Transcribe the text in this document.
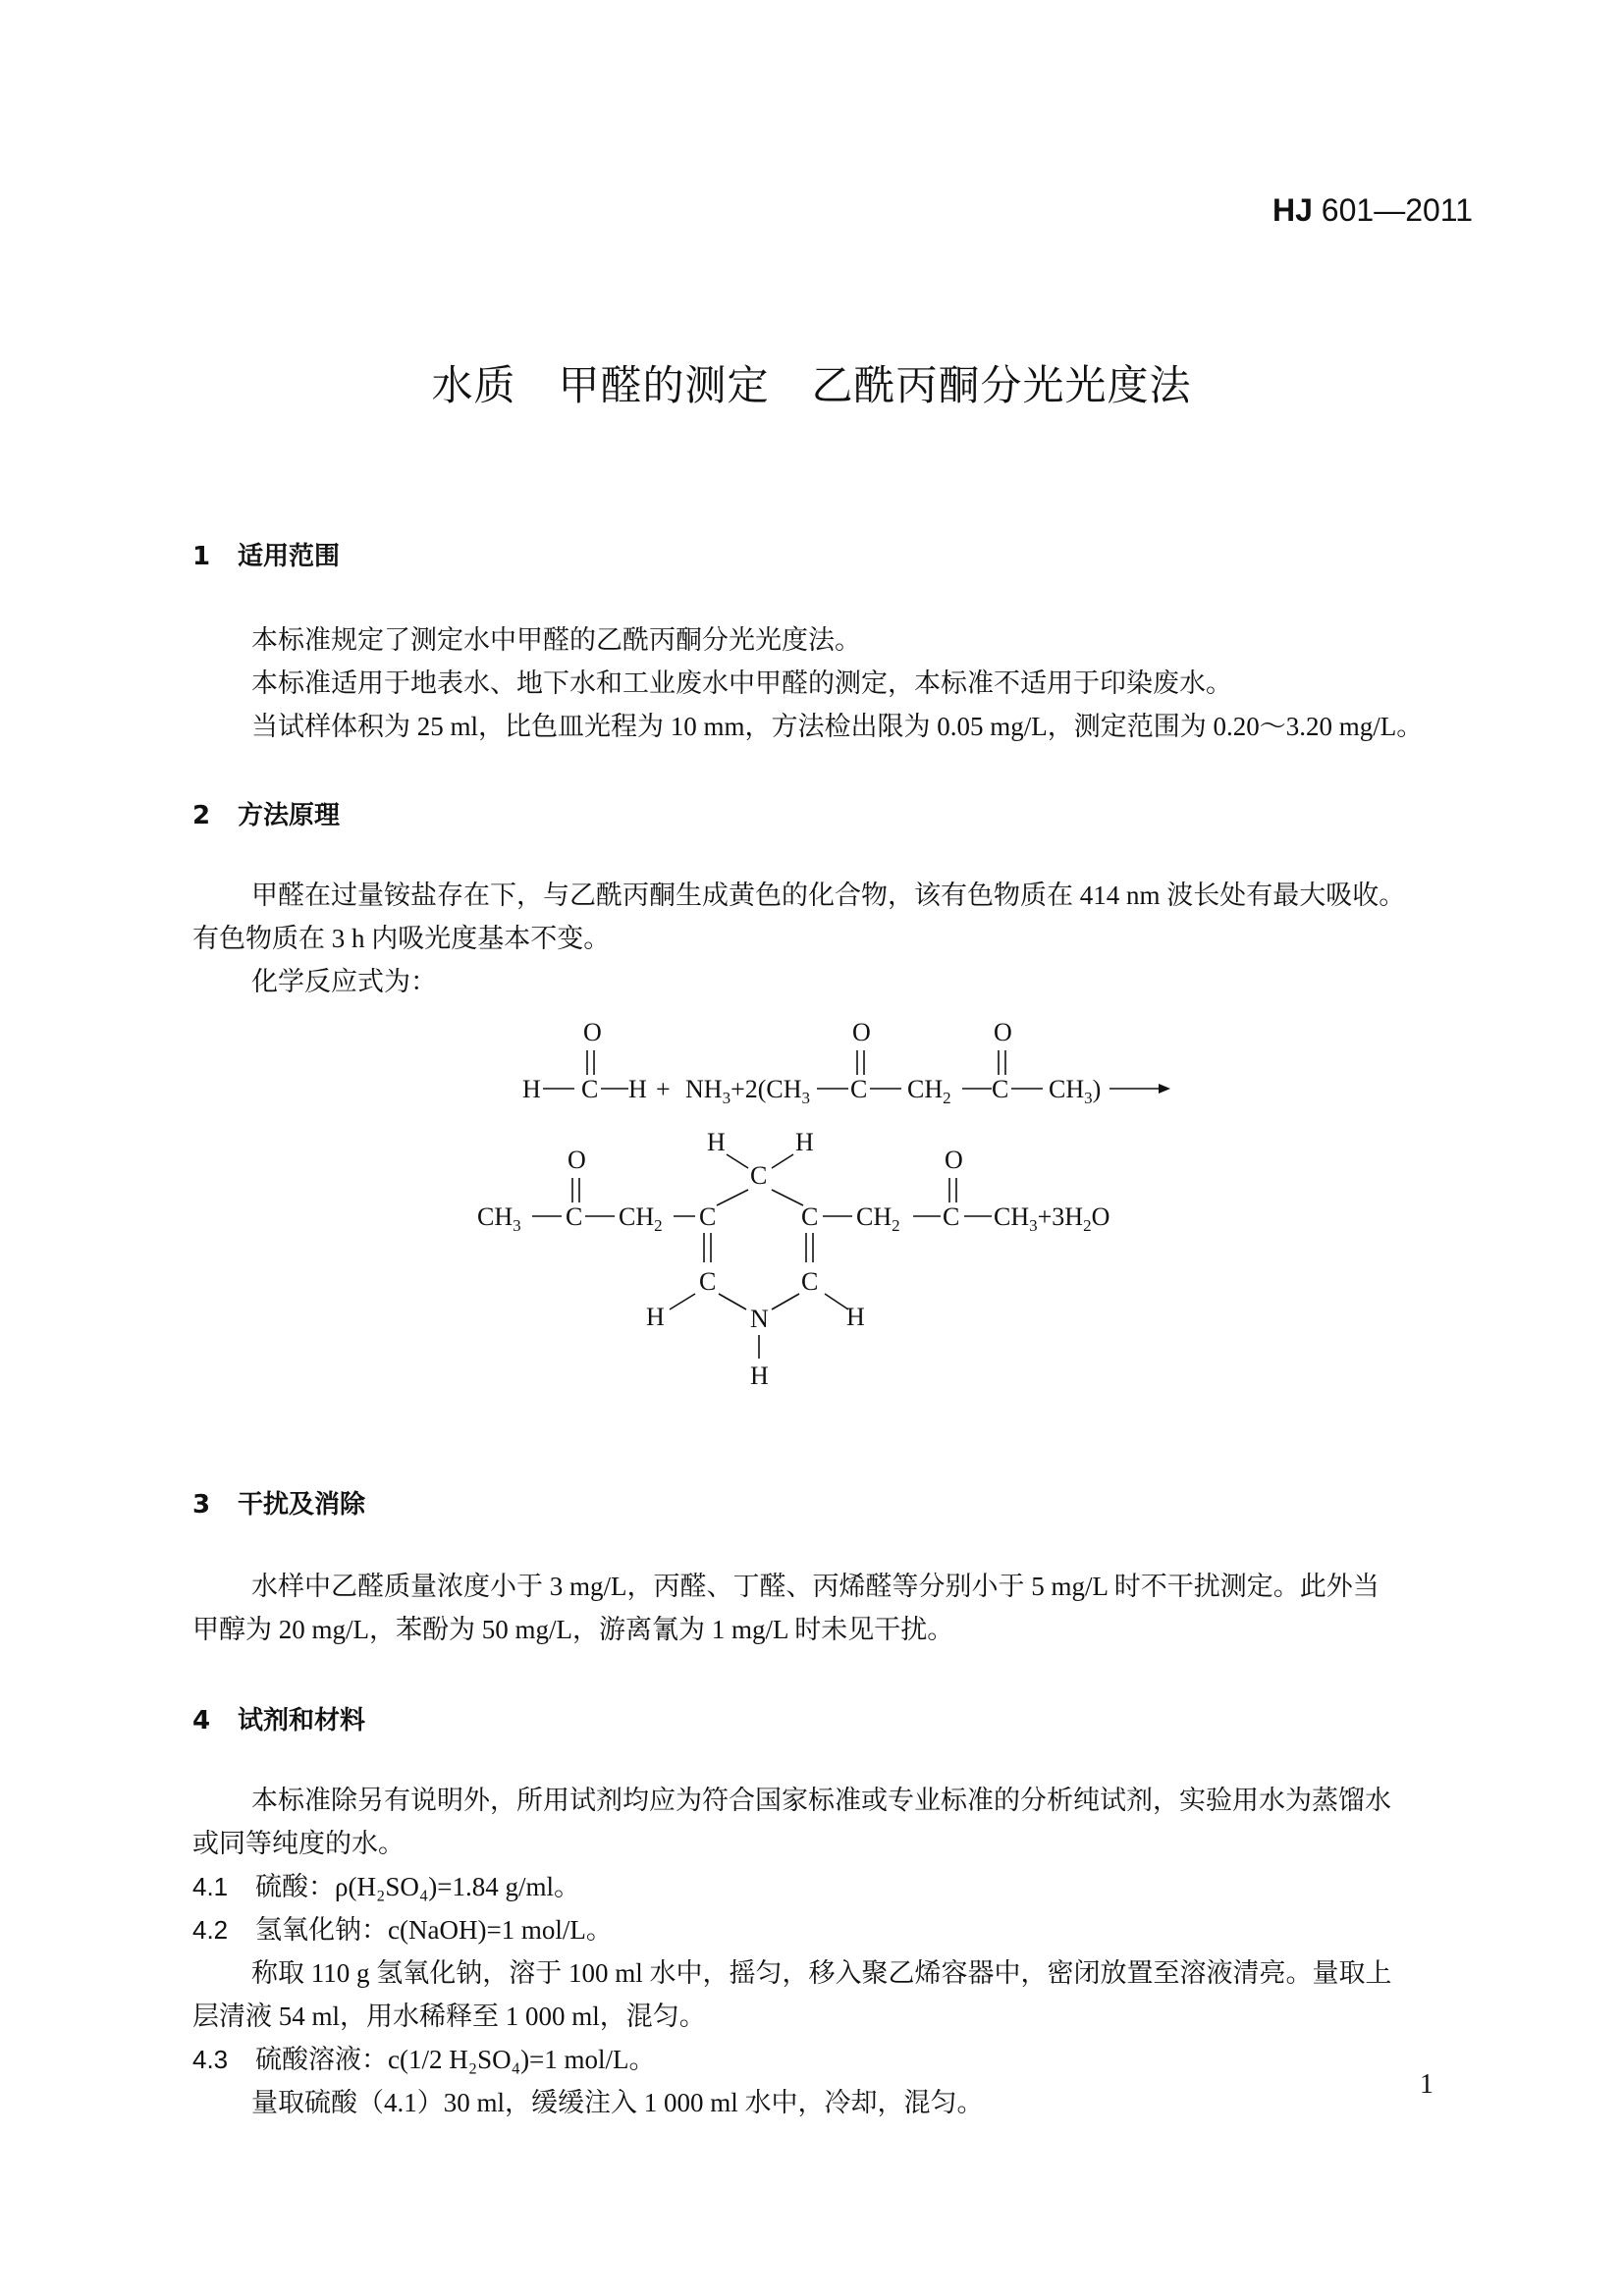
HJ 601—2011
水质　甲醛的测定　乙酰丙酮分光光度法
1 适用范围
本标准规定了测定水中甲醛的乙酰丙酮分光光度法。
本标准适用于地表水、地下水和工业废水中甲醛的测定，本标准不适用于印染废水。
当试样体积为 25 ml，比色皿光程为 10 mm，方法检出限为 0.05 mg/L，测定范围为 0.20～3.20 mg/L。
2 方法原理
甲醛在过量铵盐存在下，与乙酰丙酮生成黄色的化合物，该有色物质在 414 nm 波长处有最大吸收。
有色物质在 3 h 内吸光度基本不变。
化学反应式为：
O
H C $H + NH_3+2(CH_3$
O
C $CH_2$
O
C $CH_3$)
$CH_3$
O
C $CH_2$ C
H	H
C
C $CH_2$
O
C $CH_3+3H_2O$
C	C
H	H
N
H
3 干扰及消除
水样中乙醛质量浓度小于 3 mg/L，丙醛、丁醛、丙烯醛等分别小于 5 mg/L 时不干扰测定。此外当
甲醇为 20 mg/L，苯酚为 50 mg/L，游离氰为 1 mg/L 时未见干扰。
4 试剂和材料
本标准除另有说明外，所用试剂均应为符合国家标准或专业标准的分析纯试剂，实验用水为蒸馏水
或同等纯度的水。
4.1 硫酸：ρ(H₂SO₄)=1.84 g/ml。
4.2 氢氧化钠：c(NaOH)=1 mol/L。
称取 110 g 氢氧化钠，溶于 100 ml 水中，摇匀，移入聚乙烯容器中，密闭放置至溶液清亮。量取上
层清液 54 ml，用水稀释至 1 000 ml，混匀。
4.3 硫酸溶液：c(1/2 H₂SO₄)=1 mol/L。
量取硫酸（4.1）30 ml，缓缓注入 1 000 ml 水中，冷却，混匀。
1
